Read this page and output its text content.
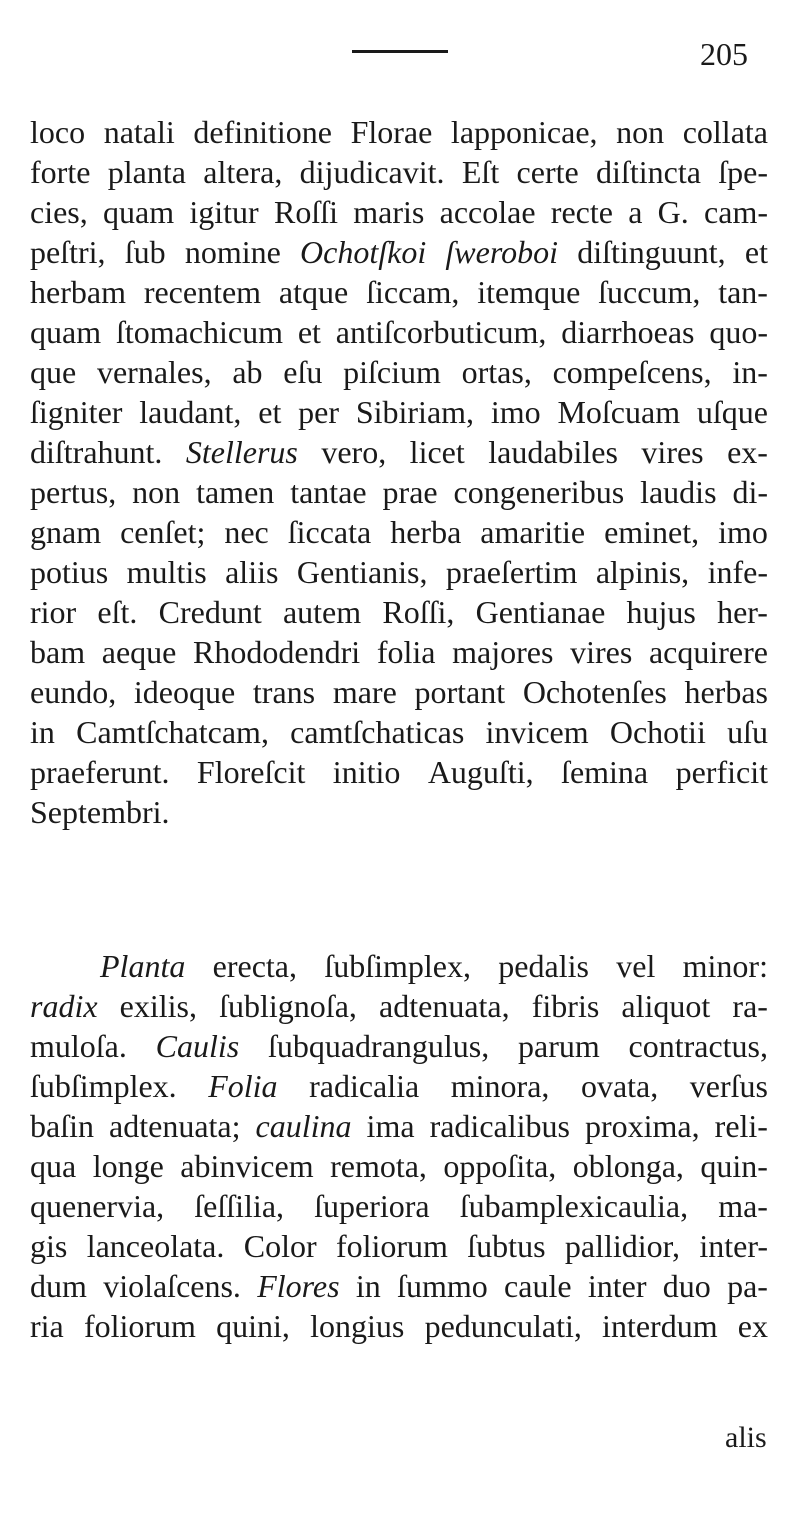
205
loco natali definitione Florae lapponicae, non collata
forte planta altera, dijudicavit. Eſt certe diſtincta ſpe-
cies, quam igitur Roſſi maris accolae recte a G. cam-
peſtri, ſub nomine Ochotſkoi ſweroboi diſtinguunt, et
herbam recentem atque ſiccam, itemque ſuccum, tan-
quam ſtomachicum et antiſcorbuticum, diarrhoeas quo-
que vernales, ab eſu piſcium ortas, compeſcens, in-
ſigniter laudant, et per Sibiriam, imo Moſcuam uſque
diſtrahunt. Stellerus vero, licet laudabiles vires ex-
pertus, non tamen tantae prae congeneribus laudis di-
gnam cenſet; nec ſiccata herba amaritie eminet, imo
potius multis aliis Gentianis, praeſertim alpinis, infe-
rior eſt. Credunt autem Roſſi, Gentianae hujus her-
bam aeque Rhododendri folia majores vires acquirere
eundo, ideoque trans mare portant Ochotenſes herbas
in Camtſchatcam, camtſchaticas invicem Ochotii uſu
praeferunt. Floreſcit initio Auguſti, ſemina perficit
Septembri.
Planta erecta, ſubſimplex, pedalis vel minor:
radix exilis, ſublignoſa, adtenuata, fibris aliquot ra-
muloſa. Caulis ſubquadrangulus, parum contractus,
ſubſimplex. Folia radicalia minora, ovata, verſus
baſin adtenuata; caulina ima radicalibus proxima, reli-
qua longe abinvicem remota, oppoſita, oblonga, quin-
quenervia, ſeſſilia, ſuperiora ſubamplexicaulia, ma-
gis lanceolata. Color foliorum ſubtus pallidior, inter-
dum violaſcens. Flores in ſummo caule inter duo pa-
ria foliorum quini, longius pedunculati, interdum ex
alis
